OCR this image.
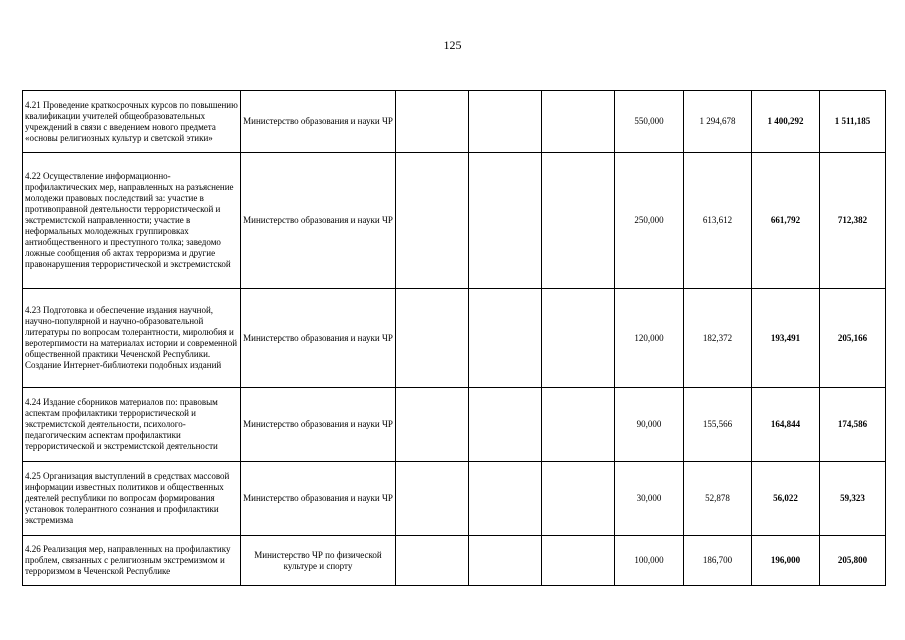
125
4.21 Проведение краткосрочных курсов по повышению квалификации учителей общеобразовательных учреждений в связи с введением нового предмета «основы религиозных культур и светской этики»	Министерство образования и науки ЧР				550,000	1 294,678	1 400,292	1 511,185
4.22 Осуществление информационно-профилактических мер, направленных на разъяснение молодежи правовых последствий за: участие в противоправной деятельности террористической и экстремистской направленности; участие в неформальных молодежных группировках антиобщественного и преступного толка; заведомо ложные сообщения об актах терроризма и другие правонарушения террористической и экстремистской	Министерство образования и науки ЧР				250,000	613,612	661,792	712,382
4.23 Подготовка и обеспечение издания научной, научно-популярной и научно-образовательной литературы по вопросам толерантности, миролюбия и веротерпимости на материалах истории и современной общественной практики Чеченской Республики. Создание Интернет-библиотеки подобных изданий	Министерство образования и науки ЧР				120,000	182,372	193,491	205,166
4.24 Издание сборников материалов по: правовым аспектам профилактики террористической и экстремистской деятельности, психолого-педагогическим аспектам профилактики террористической и экстремистской деятельности	Министерство образования и науки ЧР				90,000	155,566	164,844	174,586
4.25 Организация выступлений в средствах массовой информации известных политиков и общественных деятелей республики по вопросам формирования установок толерантного сознания и профилактики экстремизма	Министерство образования и науки ЧР				30,000	52,878	56,022	59,323
4.26 Реализация мер, направленных на профилактику проблем, связанных с религиозным экстремизмом и терроризмом в Чеченской Республике	Министерство ЧР по физической культуре и спорту				100,000	186,700	196,000	205,800
